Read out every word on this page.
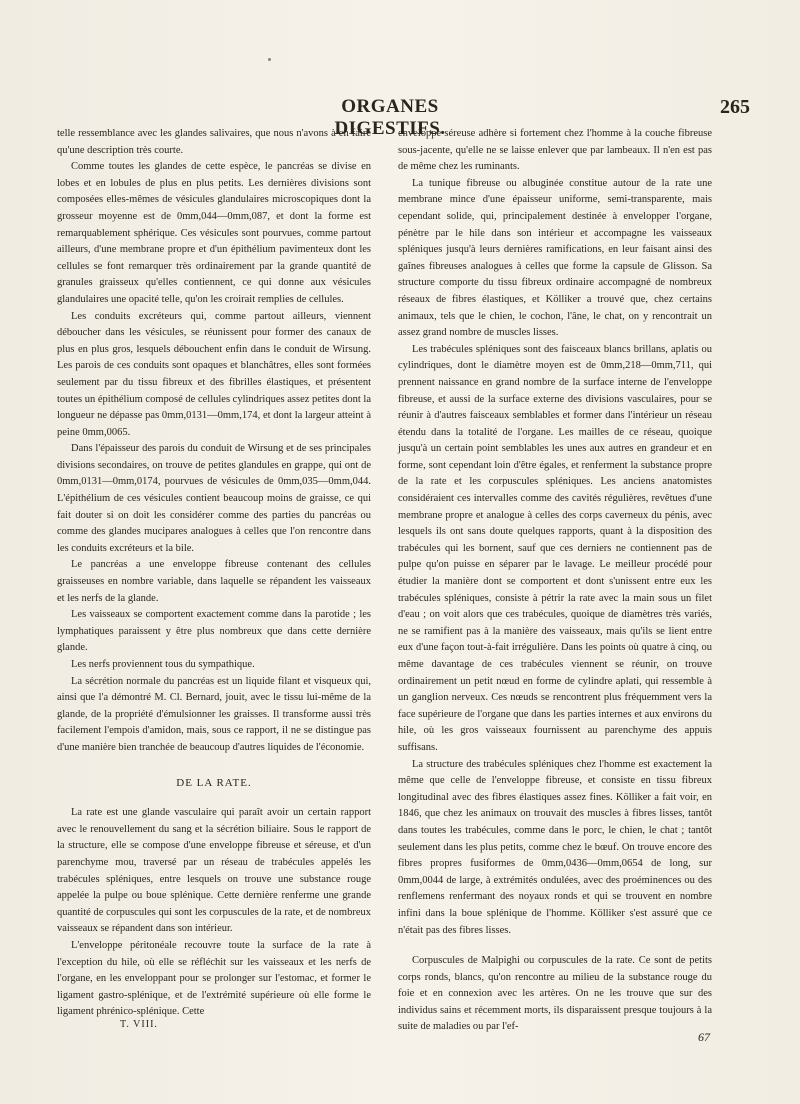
ORGANES DIGESTIFS.
265

telle ressemblance avec les glandes salivaires, que nous n'avons à en faire qu'une description très courte.

Comme toutes les glandes de cette espèce, le pancréas se divise en lobes et en lobules de plus en plus petits. Les dernières divisions sont composées elles-mêmes de vésicules glandulaires microscopiques dont la grosseur moyenne est de 0mm,044—0mm,087, et dont la forme est remarquablement sphérique. Ces vésicules sont pourvues, comme partout ailleurs, d'une membrane propre et d'un épithélium pavimenteux dont les cellules se font remarquer très ordinairement par la grande quantité de granules graisseux qu'elles contiennent, ce qui donne aux vésicules glandulaires une opacité telle, qu'on les croirait remplies de cellules.

Les conduits excréteurs qui, comme partout ailleurs, viennent déboucher dans les vésicules, se réunissent pour former des canaux de plus en plus gros, lesquels débouchent enfin dans le conduit de Wirsung. Les parois de ces conduits sont opaques et blanchâtres, elles sont formées seulement par du tissu fibreux et des fibrilles élastiques, et présentent toutes un épithélium composé de cellules cylindriques assez petites dont la longueur ne dépasse pas 0mm,0131—0mm,174, et dont la largeur atteint à peine 0mm,0065.

Dans l'épaisseur des parois du conduit de Wirsung et de ses principales divisions secondaires, on trouve de petites glandules en grappe, qui ont de 0mm,0131—0mm,0174, pourvues de vésicules de 0mm,035—0mm,044. L'épithélium de ces vésicules contient beaucoup moins de graisse, ce qui fait douter si on doit les considérer comme des parties du pancréas ou comme des glandes mucipares analogues à celles que l'on rencontre dans les conduits excréteurs et la bile.

Le pancréas a une enveloppe fibreuse contenant des cellules graisseuses en nombre variable, dans laquelle se répandent les vaisseaux et les nerfs de la glande.

Les vaisseaux se comportent exactement comme dans la parotide ; les lymphatiques paraissent y être plus nombreux que dans cette dernière glande.

Les nerfs proviennent tous du sympathique.

La sécrétion normale du pancréas est un liquide filant et visqueux qui, ainsi que l'a démontré M. Cl. Bernard, jouit, avec le tissu lui-même de la glande, de la propriété d'émulsionner les graisses. Il transforme aussi très facilement l'empois d'amidon, mais, sous ce rapport, il ne se distingue pas d'une manière bien tranchée de beaucoup d'autres liquides de l'économie.

DE LA RATE.

La rate est une glande vasculaire qui paraît avoir un certain rapport avec le renouvellement du sang et la sécrétion biliaire. Sous le rapport de la structure, elle se compose d'une enveloppe fibreuse et séreuse, et d'un parenchyme mou, traversé par un réseau de trabécules appelés les trabécules spléniques, entre lesquels on trouve une substance rouge appelée la pulpe ou boue splénique. Cette dernière renferme une grande quantité de corpuscules qui sont les corpuscules de la rate, et de nombreux vaisseaux se répandent dans son intérieur.

L'enveloppe péritonéale recouvre toute la surface de la rate à l'exception du hile, où elle se réfléchit sur les vaisseaux et les nerfs de l'organe, en les enveloppant pour se prolonger sur l'estomac, et former le ligament gastro-splénique, et de l'extrémité supérieure où elle forme le ligament phrénico-splénique. Cette

enveloppe séreuse adhère si fortement chez l'homme à la couche fibreuse sous-jacente, qu'elle ne se laisse enlever que par lambeaux. Il n'en est pas de même chez les ruminants.

La tunique fibreuse ou albuginée constitue autour de la rate une membrane mince d'une épaisseur uniforme, semi-transparente, mais cependant solide, qui, principalement destinée à envelopper l'organe, pénètre par le hile dans son intérieur et accompagne les vaisseaux spléniques jusqu'à leurs dernières ramifications, en leur faisant ainsi des gaînes fibreuses analogues à celles que forme la capsule de Glisson. Sa structure comporte du tissu fibreux ordinaire accompagné de nombreux réseaux de fibres élastiques, et Kölliker a trouvé que, chez certains animaux, tels que le chien, le cochon, l'âne, le chat, on y rencontrait un assez grand nombre de muscles lisses.

Les trabécules spléniques sont des faisceaux blancs brillans, aplatis ou cylindriques, dont le diamètre moyen est de 0mm,218—0mm,711, qui prennent naissance en grand nombre de la surface interne de l'enveloppe fibreuse, et aussi de la surface externe des divisions vasculaires, pour se réunir à d'autres faisceaux semblables et former dans l'intérieur un réseau étendu dans la totalité de l'organe. Les mailles de ce réseau, quoique jusqu'à un certain point semblables les unes aux autres en grandeur et en forme, sont cependant loin d'être égales, et renferment la substance propre de la rate et les corpuscules spléniques. Les anciens anatomistes considéraient ces intervalles comme des cavités régulières, revêtues d'une membrane propre et analogue à celles des corps caverneux du pénis, avec lesquels ils ont sans doute quelques rapports, quant à la disposition des trabécules qui les bornent, sauf que ces derniers ne contiennent pas de pulpe qu'on puisse en séparer par le lavage. Le meilleur procédé pour étudier la manière dont se comportent et dont s'unissent entre eux les trabécules spléniques, consiste à pétrir la rate avec la main sous un filet d'eau ; on voit alors que ces trabécules, quoique de diamètres très variés, ne se ramifient pas à la manière des vaisseaux, mais qu'ils se lient entre eux d'une façon tout-à-fait irrégulière. Dans les points où quatre à cinq, ou même davantage de ces trabécules viennent se réunir, on trouve ordinairement un petit nœud en forme de cylindre aplati, qui ressemble à un ganglion nerveux. Ces nœuds se rencontrent plus fréquemment vers la face supérieure de l'organe que dans les parties internes et aux environs du hile, où les gros vaisseaux fournissent au parenchyme des appuis suffisans.

La structure des trabécules spléniques chez l'homme est exactement la même que celle de l'enveloppe fibreuse, et consiste en tissu fibreux longitudinal avec des fibres élastiques assez fines. Kölliker a fait voir, en 1846, que chez les animaux on trouvait des muscles à fibres lisses, tantôt dans toutes les trabécules, comme dans le porc, le chien, le chat ; tantôt seulement dans les plus petits, comme chez le bœuf. On trouve encore des fibres propres fusiformes de 0mm,0436—0mm,0654 de long, sur 0mm,0044 de large, à extrémités ondulées, avec des proéminences ou des renflemens renfermant des noyaux ronds et qui se trouvent en nombre infini dans la boue splénique de l'homme. Kölliker s'est assuré que ce n'était pas des fibres lisses.

Corpuscules de Malpighi ou corpuscules de la rate. Ce sont de petits corps ronds, blancs, qu'on rencontre au milieu de la substance rouge du foie et en connexion avec les artères. On ne les trouve que sur des individus sains et récemment morts, ils disparaissent presque toujours à la suite de maladies ou par l'ef-

T. VIII.
67
